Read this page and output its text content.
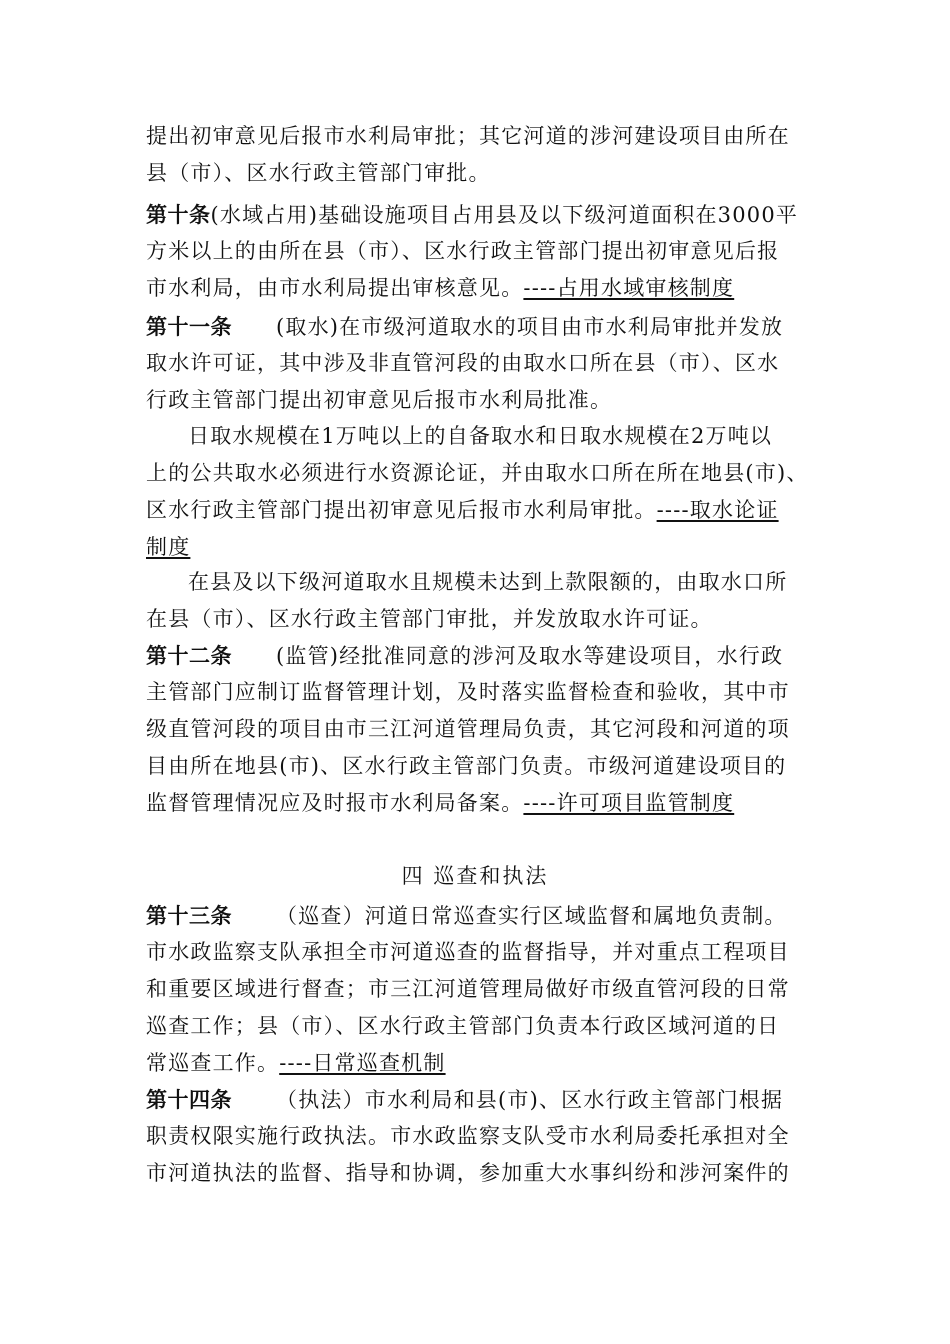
提出初审意见后报市水利局审批；其它河道的涉河建设项目由所在
县（市）、区水行政主管部门审批。
第十条(水域占用)基础设施项目占用县及以下级河道面积在3000平
方米以上的由所在县（市）、区水行政主管部门提出初审意见后报
市水利局，由市水利局提出审核意见。----占用水域审核制度
第十一条 (取水)在市级河道取水的项目由市水利局审批并发放
取水许可证，其中涉及非直管河段的由取水口所在县（市）、区水
行政主管部门提出初审意见后报市水利局批准。
日取水规模在1万吨以上的自备取水和日取水规模在2万吨以
上的公共取水必须进行水资源论证，并由取水口所在所在地县(市)、
区水行政主管部门提出初审意见后报市水利局审批。----取水论证
制度
在县及以下级河道取水且规模未达到上款限额的，由取水口所
在县（市）、区水行政主管部门审批，并发放取水许可证。
第十二条 (监管)经批准同意的涉河及取水等建设项目，水行政
主管部门应制订监督管理计划，及时落实监督检查和验收，其中市
级直管河段的项目由市三江河道管理局负责，其它河段和河道的项
目由所在地县(市)、区水行政主管部门负责。市级河道建设项目的
监督管理情况应及时报市水利局备案。----许可项目监管制度
四 巡查和执法
第十三条 （巡查）河道日常巡查实行区域监督和属地负责制。
市水政监察支队承担全市河道巡查的监督指导，并对重点工程项目
和重要区域进行督查；市三江河道管理局做好市级直管河段的日常
巡查工作；县（市）、区水行政主管部门负责本行政区域河道的日
常巡查工作。----日常巡查机制
第十四条 （执法）市水利局和县(市)、区水行政主管部门根据
职责权限实施行政执法。市水政监察支队受市水利局委托承担对全
市河道执法的监督、指导和协调，参加重大水事纠纷和涉河案件的
